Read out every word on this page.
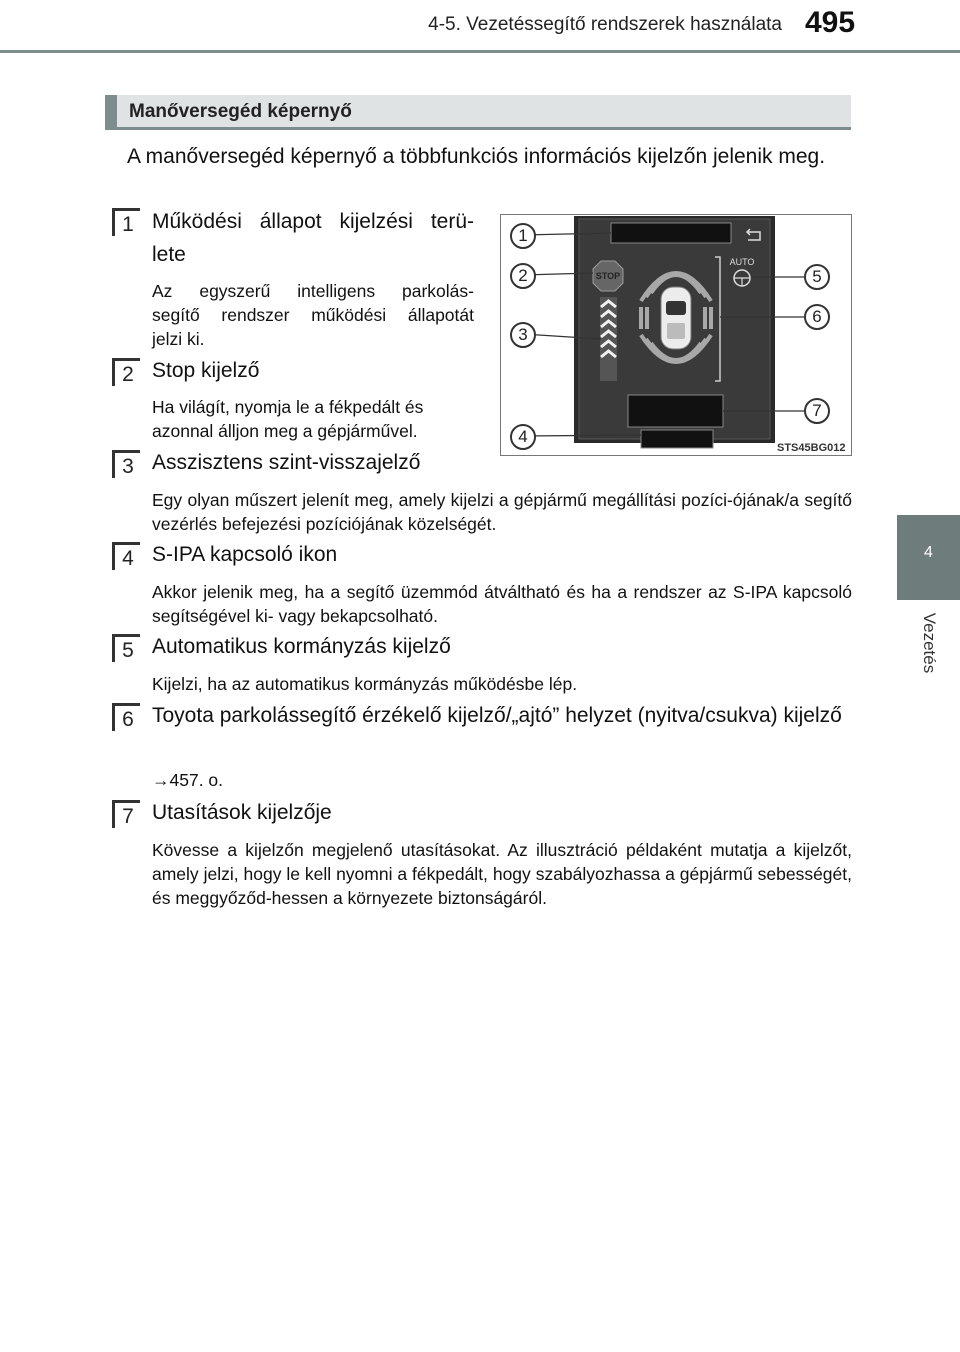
4-5. Vezetéssegítő rendszerek használata 495
4
Vezetés
Manőversegéd képernyő
A manőversegéd képernyő a többfunkciós információs kijelzőn jelenik meg.
STOP
AUTO
1
2
3
4
5
6
7
STS45BG012
1 Működési állapot kijelzési terü-
lete
Az egyszerű intelligens parkolás-
segítő rendszer működési állapotát
jelzi ki.
2 Stop kijelző
Ha világít, nyomja le a fékpedált és
azonnal álljon meg a gépjárművel.
3 Asszisztens szint-visszajelző
Egy olyan műszert jelenít meg, amely kijelzi a gépjármű megállítási pozíci-ójának/a segítő vezérlés befejezési pozíciójának közelségét.
4 S-IPA kapcsoló ikon
Akkor jelenik meg, ha a segítő üzemmód átváltható és ha a rendszer az S-IPA kapcsoló segítségével ki- vagy bekapcsolható.
5 Automatikus kormányzás kijelző
Kijelzi, ha az automatikus kormányzás működésbe lép.
6 Toyota parkolássegítő érzékelő kijelző/„ajtó” helyzet (nyitva/csukva) kijelző
→457. o.
7 Utasítások kijelzője
Kövesse a kijelzőn megjelenő utasításokat. Az illusztráció példaként mutatja a kijelzőt, amely jelzi, hogy le kell nyomni a fékpedált, hogy szabályozhassa a gépjármű sebességét, és meggyőződ-hessen a környezete biztonságáról.
